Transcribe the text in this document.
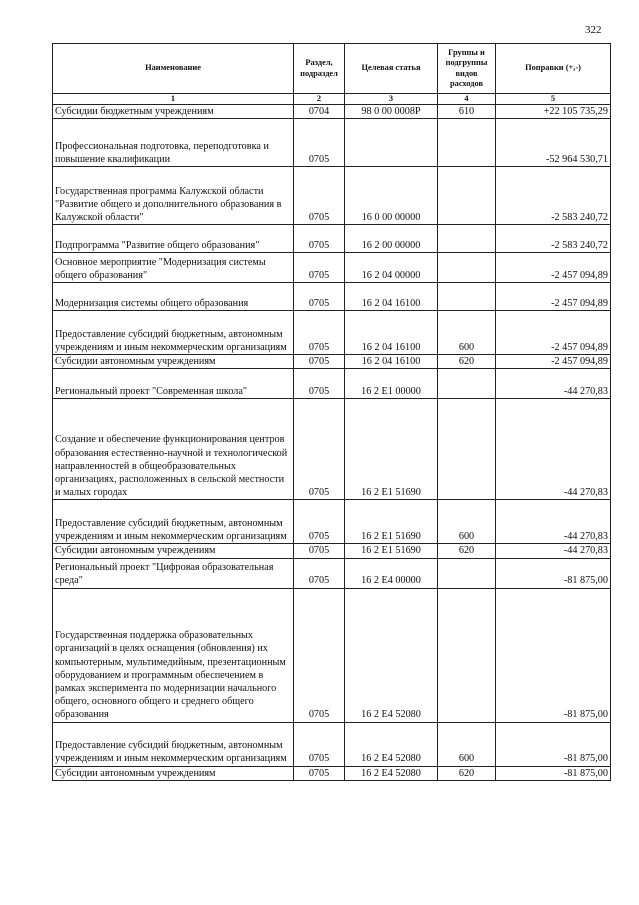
322
Наименование	Раздел, подраздел	Целевая статья	Группы и подгруппы видов расходов	Поправки (+,-)
1	2	3	4	5
Субсидии бюджетным учреждениям	0704	98 0 00 0008P	610	+22 105 735,29
Профессиональная подготовка, переподготовка и повышение квалификации	0705			-52 964 530,71
Государственная программа Калужской области "Развитие общего и дополнительного образования в Калужской области"	0705	16 0 00 00000		-2 583 240,72
Подпрограмма "Развитие общего образования"	0705	16 2 00 00000		-2 583 240,72
Основное мероприятие "Модернизация системы общего образования"	0705	16 2 04 00000		-2 457 094,89
Модернизация системы общего образования	0705	16 2 04 16100		-2 457 094,89
Предоставление субсидий бюджетным, автономным учреждениям и иным некоммерческим организациям	0705	16 2 04 16100	600	-2 457 094,89
Субсидии автономным учреждениям	0705	16 2 04 16100	620	-2 457 094,89
Региональный проект "Современная школа"	0705	16 2 E1 00000		-44 270,83
Создание и обеспечение функционирования центров образования естественно-научной и технологической направленностей в общеобразовательных организациях, расположенных в сельской местности и малых городах	0705	16 2 E1 51690		-44 270,83
Предоставление субсидий бюджетным, автономным учреждениям и иным некоммерческим организациям	0705	16 2 E1 51690	600	-44 270,83
Субсидии автономным учреждениям	0705	16 2 E1 51690	620	-44 270,83
Региональный проект "Цифровая образовательная среда"	0705	16 2 E4 00000		-81 875,00
Государственная поддержка образовательных организаций в целях оснащения (обновления) их компьютерным, мультимедийным, презентационным оборудованием и программным обеспечением в рамках эксперимента по модернизации начального общего, основного общего и среднего общего образования	0705	16 2 E4 52080		-81 875,00
Предоставление субсидий бюджетным, автономным учреждениям и иным некоммерческим организациям	0705	16 2 E4 52080	600	-81 875,00
Субсидии автономным учреждениям	0705	16 2 E4 52080	620	-81 875,00
